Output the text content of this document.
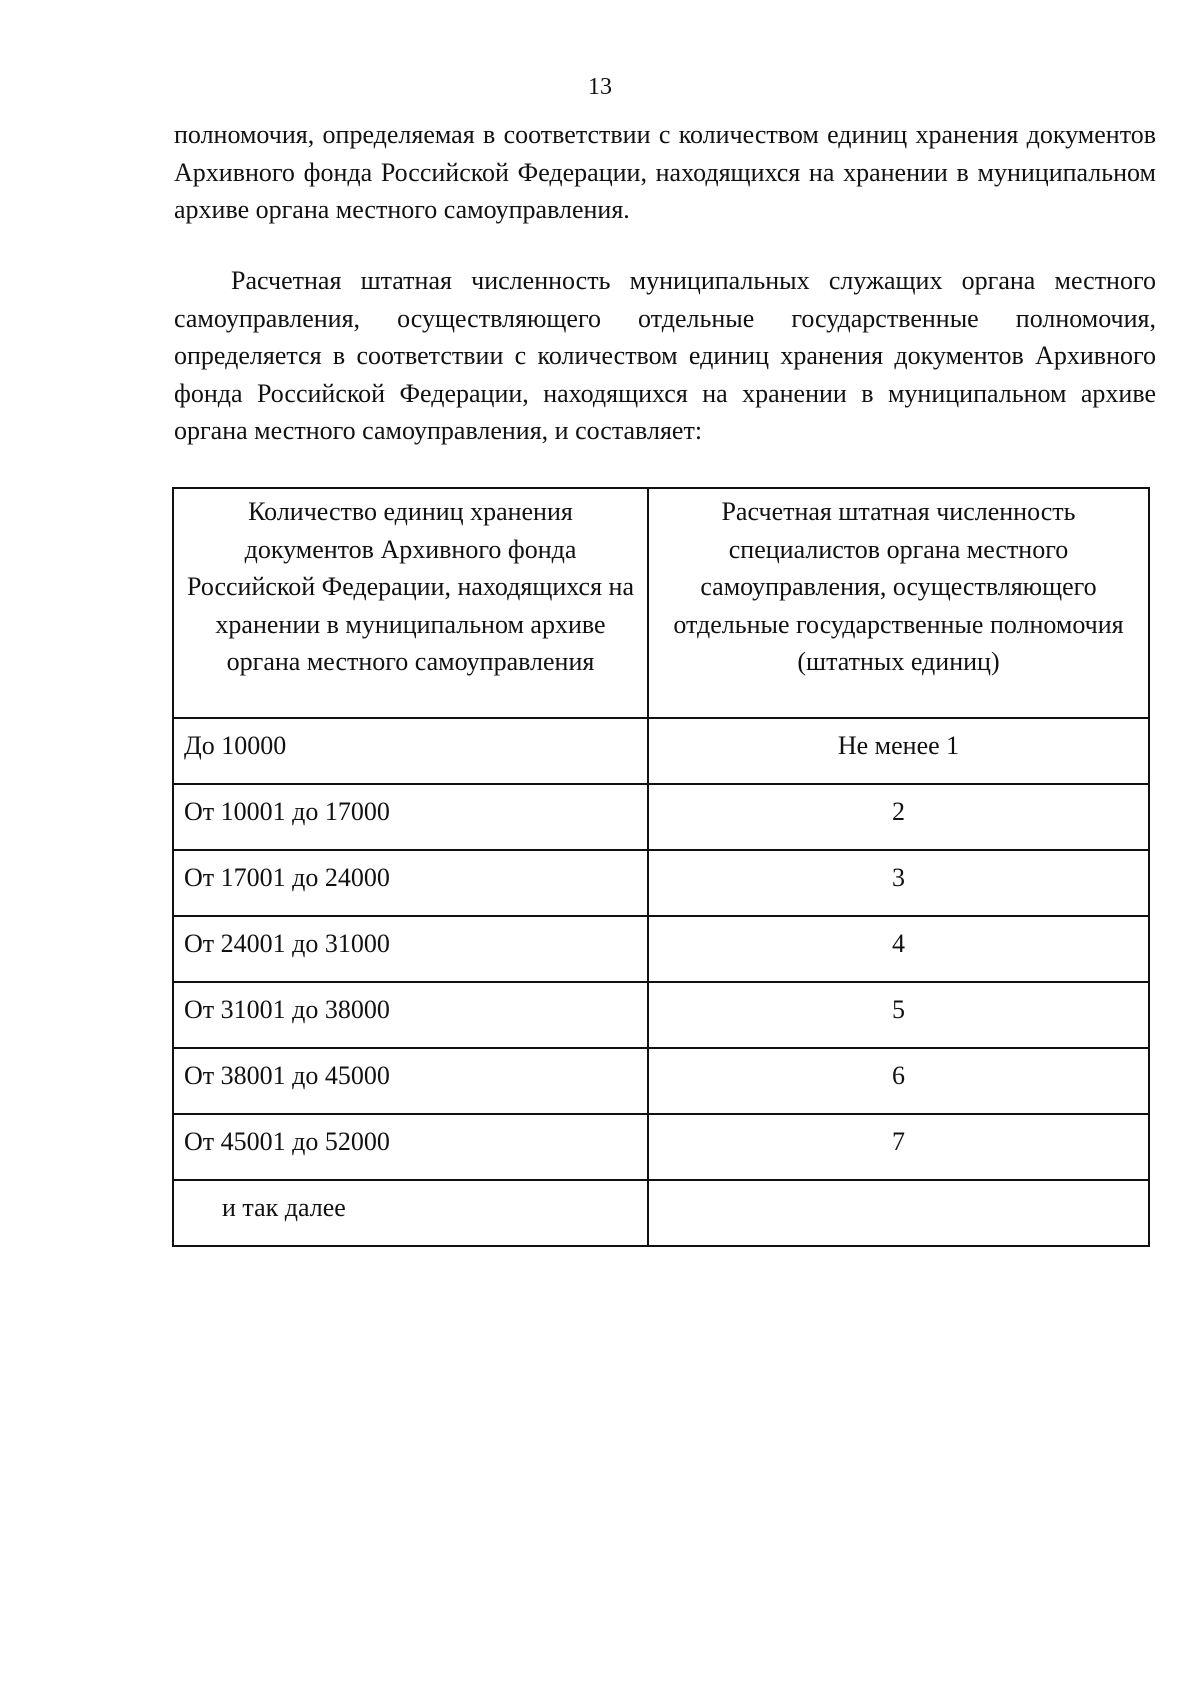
13

полномочия, определяемая в соответствии с количеством единиц хранения документов Архивного фонда Российской Федерации, находящихся на хранении в муниципальном архиве органа местного самоуправления.

Расчетная штатная численность муниципальных служащих органа местного самоуправления, осуществляющего отдельные государственные полномочия, определяется в соответствии с количеством единиц хранения документов Архивного фонда Российской Федерации, находящихся на хранении в муниципальном архиве органа местного самоуправления, и составляет:

Количество единиц хранения документов Архивного фонда Российской Федерации, находящихся на хранении в муниципальном архиве органа местного самоуправления	Расчетная штатная численность специалистов органа местного самоуправления, осуществляющего отдельные государственные полномочия (штатных единиц)
До 10000	Не менее 1
От 10001 до 17000	2
От 17001 до 24000	3
От 24001 до 31000	4
От 31001 до 38000	5
От 38001 до 45000	6
От 45001 до 52000	7
и так далее	
